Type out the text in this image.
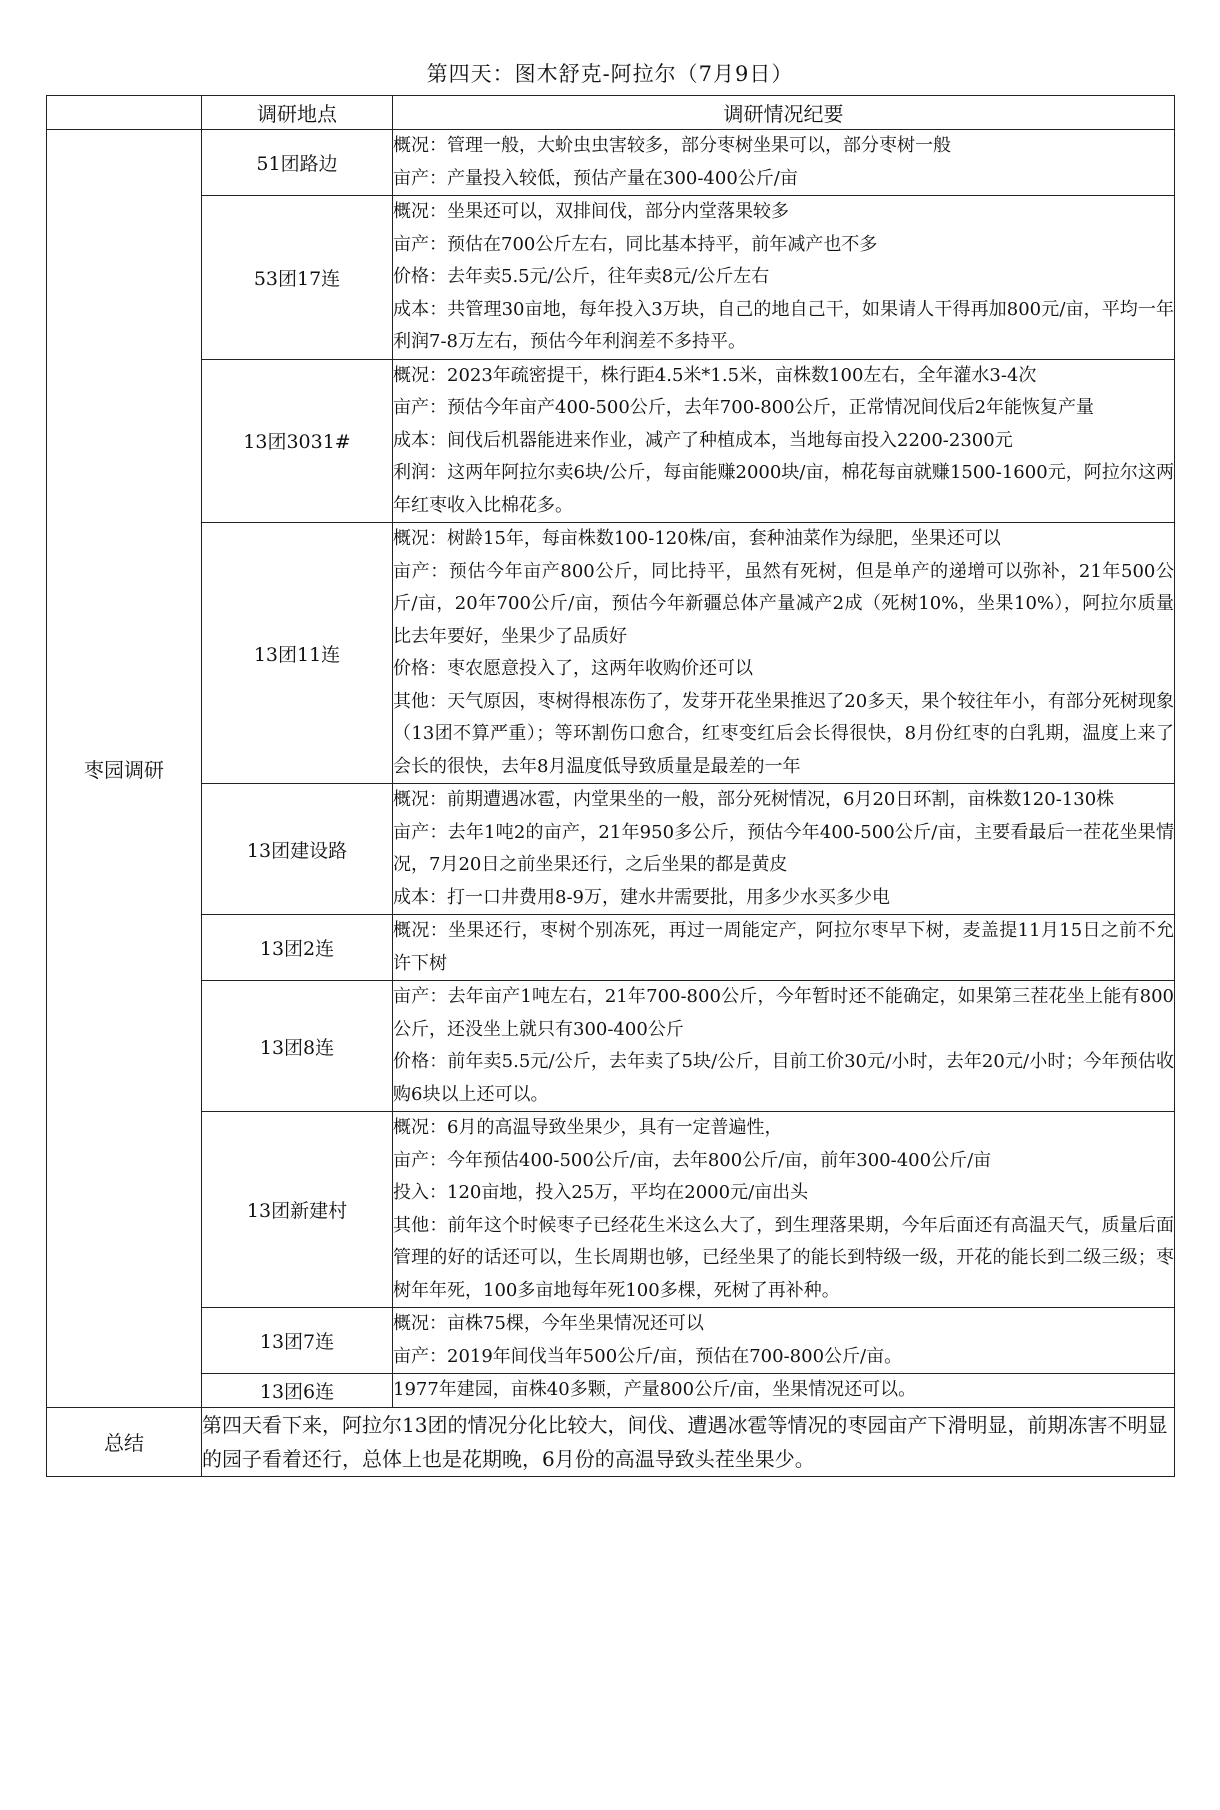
第四天：图木舒克-阿拉尔（7月9日）
	调研地点	调研情况纪要
枣园调研	51团路边	概况：管理一般，大蚧虫虫害较多，部分枣树坐果可以，部分枣树一般

亩产：产量投入较低，预估产量在300-400公斤/亩

	53团17连	概况：坐果还可以，双排间伐，部分内堂落果较多

亩产：预估在700公斤左右，同比基本持平，前年减产也不多

价格：去年卖5.5元/公斤，往年卖8元/公斤左右

成本：共管理30亩地，每年投入3万块，自己的地自己干，如果请人干得再加800元/亩，平均一年利润7-8万左右，预估今年利润差不多持平。

	13团3031#	概况：2023年疏密提干，株行距4.5米*1.5米，亩株数100左右，全年灌水3-4次

亩产：预估今年亩产400-500公斤，去年700-800公斤，正常情况间伐后2年能恢复产量

成本：间伐后机器能进来作业，减产了种植成本，当地每亩投入2200-2300元

利润：这两年阿拉尔卖6块/公斤，每亩能赚2000块/亩，棉花每亩就赚1500-1600元，阿拉尔这两年红枣收入比棉花多。

	13团11连	概况：树龄15年，每亩株数100-120株/亩，套种油菜作为绿肥，坐果还可以

亩产：预估今年亩产800公斤，同比持平，虽然有死树，但是单产的递增可以弥补，21年500公斤/亩，20年700公斤/亩，预估今年新疆总体产量减产2成（死树10%，坐果10%），阿拉尔质量比去年要好，坐果少了品质好

价格：枣农愿意投入了，这两年收购价还可以

其他：天气原因，枣树得根冻伤了，发芽开花坐果推迟了20多天，果个较往年小，有部分死树现象（13团不算严重）；等环割伤口愈合，红枣变红后会长得很快，8月份红枣的白乳期，温度上来了会长的很快，去年8月温度低导致质量是最差的一年

	13团建设路	概况：前期遭遇冰雹，内堂果坐的一般，部分死树情况，6月20日环割，亩株数120-130株

亩产：去年1吨2的亩产，21年950多公斤，预估今年400-500公斤/亩，主要看最后一茬花坐果情况，7月20日之前坐果还行，之后坐果的都是黄皮

成本：打一口井费用8-9万，建水井需要批，用多少水买多少电

	13团2连	概况：坐果还行，枣树个别冻死，再过一周能定产，阿拉尔枣早下树，麦盖提11月15日之前不允许下树

	13团8连	亩产：去年亩产1吨左右，21年700-800公斤，今年暂时还不能确定，如果第三茬花坐上能有800公斤，还没坐上就只有300-400公斤

价格：前年卖5.5元/公斤，去年卖了5块/公斤，目前工价30元/小时，去年20元/小时；今年预估收购6块以上还可以。

	13团新建村	概况：6月的高温导致坐果少，具有一定普遍性，

亩产：今年预估400-500公斤/亩，去年800公斤/亩，前年300-400公斤/亩

投入：120亩地，投入25万，平均在2000元/亩出头

其他：前年这个时候枣子已经花生米这么大了，到生理落果期，今年后面还有高温天气，质量后面管理的好的话还可以，生长周期也够，已经坐果了的能长到特级一级，开花的能长到二级三级；枣树年年死，100多亩地每年死100多棵，死树了再补种。

	13团7连	概况：亩株75棵，今年坐果情况还可以

亩产：2019年间伐当年500公斤/亩，预估在700-800公斤/亩。

	13团6连	1977年建园，亩株40多颗，产量800公斤/亩，坐果情况还可以。

总结	第四天看下来，阿拉尔13团的情况分化比较大，间伐、遭遇冰雹等情况的枣园亩产下滑明显，前期冻害不明显的园子看着还行，总体上也是花期晚，6月份的高温导致头茬坐果少。	
